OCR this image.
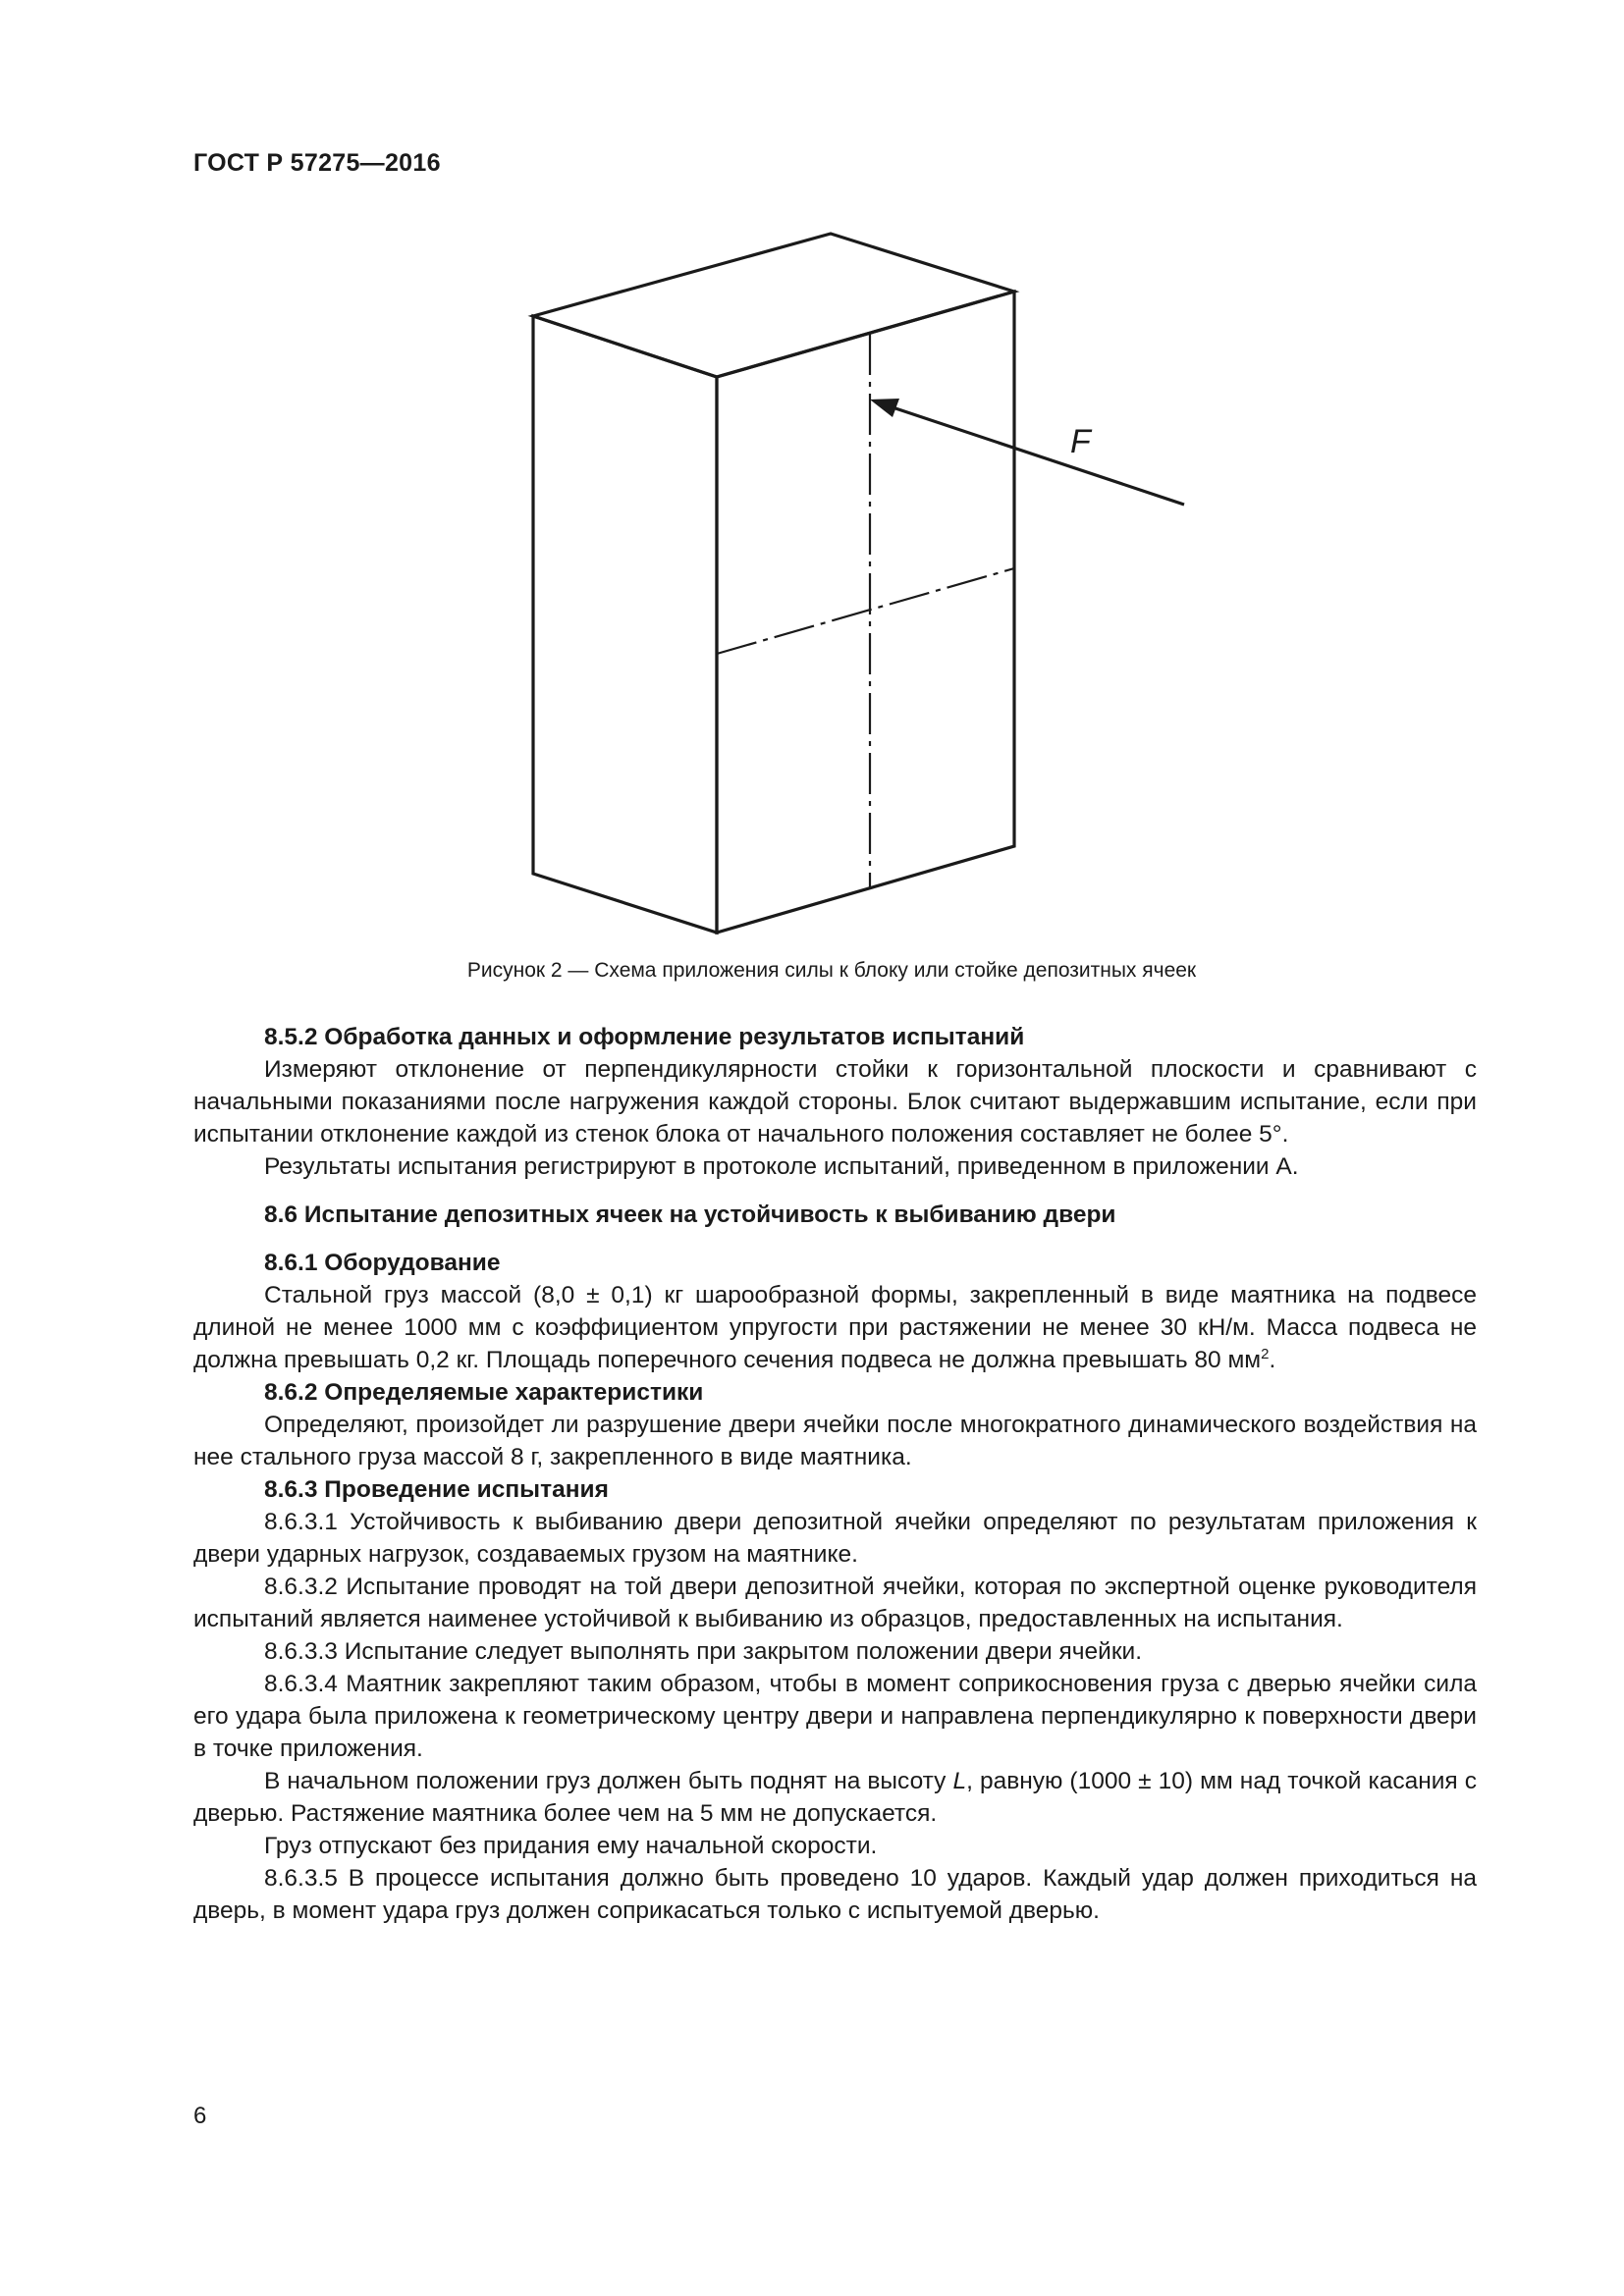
ГОСТ Р 57275—2016
F
Рисунок 2 — Схема приложения силы к блоку или стойке депозитных ячеек

8.5.2 Обработка данных и оформление результатов испытаний

Измеряют отклонение от перпендикулярности стойки к горизонтальной плоскости и сравнивают с начальными показаниями после нагружения каждой стороны. Блок считают выдержавшим испытание, если при испытании отклонение каждой из стенок блока от начального положения составляет не более 5°.

Результаты испытания регистрируют в протоколе испытаний, приведенном в приложении А.

8.6 Испытание депозитных ячеек на устойчивость к выбиванию двери

8.6.1 Оборудование

Стальной груз массой (8,0 ± 0,1) кг шарообразной формы, закрепленный в виде маятника на подвесе длиной не менее 1000 мм с коэффициентом упругости при растяжении не менее 30 кН/м. Масса подвеса не должна превышать 0,2 кг. Площадь поперечного сечения подвеса не должна превышать 80 $мм^2$.

8.6.2 Определяемые характеристики

Определяют, произойдет ли разрушение двери ячейки после многократного динамического воздействия на нее стального груза массой 8 г, закрепленного в виде маятника.

8.6.3 Проведение испытания

8.6.3.1 Устойчивость к выбиванию двери депозитной ячейки определяют по результатам приложения к двери ударных нагрузок, создаваемых грузом на маятнике.

8.6.3.2 Испытание проводят на той двери депозитной ячейки, которая по экспертной оценке руководителя испытаний является наименее устойчивой к выбиванию из образцов, предоставленных на испытания.

8.6.3.3 Испытание следует выполнять при закрытом положении двери ячейки.

8.6.3.4 Маятник закрепляют таким образом, чтобы в момент соприкосновения груза с дверью ячейки сила его удара была приложена к геометрическому центру двери и направлена перпендикулярно к поверхности двери в точке приложения.

В начальном положении груз должен быть поднят на высоту L, равную (1000 ± 10) мм над точкой касания с дверью. Растяжение маятника более чем на 5 мм не допускается.

Груз отпускают без придания ему начальной скорости.

8.6.3.5 В процессе испытания должно быть проведено 10 ударов. Каждый удар должен приходиться на дверь, в момент удара груз должен соприкасаться только с испытуемой дверью.

6
